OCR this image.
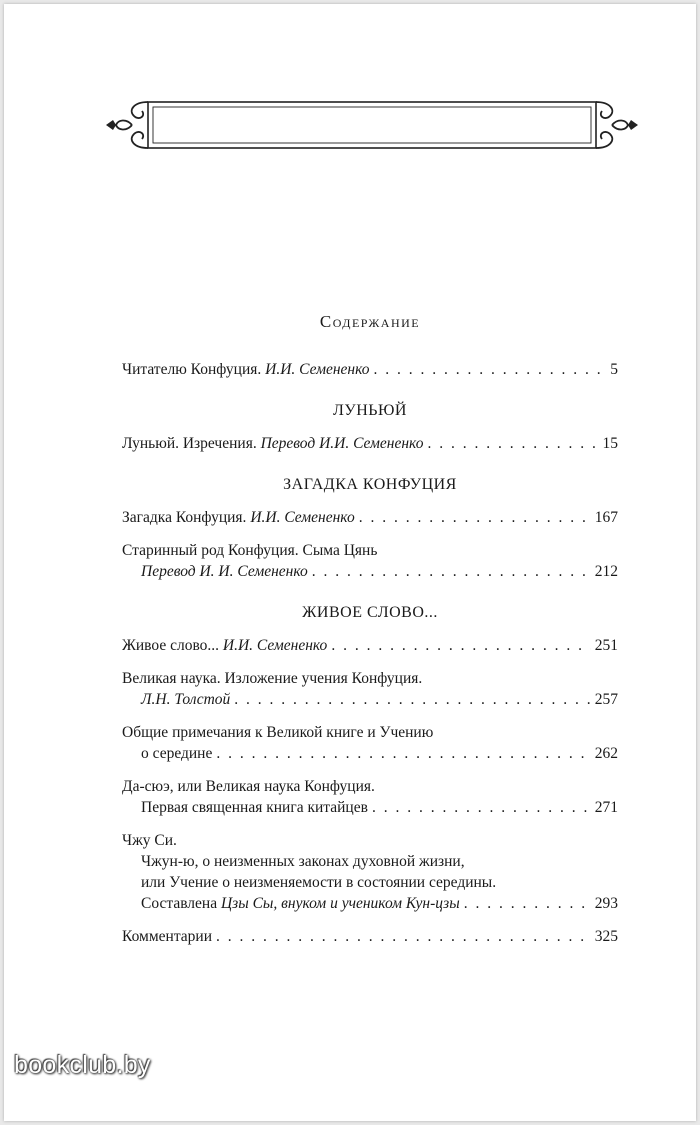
Содержание
Читателю Конфуция. И.И. Семененко . . .	5
ЛУНЬЮЙ
Луньюй. Изречения. Перевод И.И. Семененко . . .	15
ЗАГАДКА КОНФУЦИЯ
Загадка Конфуция. И.И. Семененко . . .	167
Старинный род Конфуция. Сыма Цянь
Перевод И. И. Семененко . . .	212
ЖИВОЕ СЛОВО...
Живое слово... И.И. Семененко . . .	251
Великая наука. Изложение учения Конфуция.
Л.Н. Толстой . . .	257
Общие примечания к Великой книге и Учению
о середине . . .	262
Да-сюэ, или Великая наука Конфуция.
Первая священная книга китайцев . . .	271
Чжу Си.
Чжун-ю, о неизменных законах духовной жизни,
или Учение о неизменяемости в состоянии середины.
Составлена Цзы Сы, внуком и учеником Кун-цзы . . .	293
Комментарии . . .	325
bookclub.by
